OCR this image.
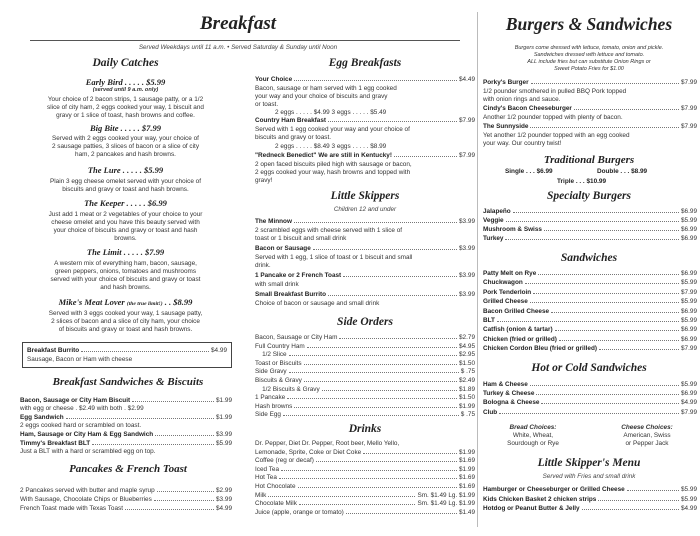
Breakfast
Served Weekdays until 11 a.m. • Served Saturday & Sunday until Noon
Daily Catches
Early Bird . . . . . $5.99
(served until 9 a.m. only)
Your choice of 2 bacon strips, 1 sausage patty, or a 1/2
slice of city ham, 2 eggs cooked your way, 1 biscuit and
gravy or 1 slice of toast, hash browns and coffee.
Big Bite . . . . . $7.99
Served with 2 eggs cooked your way, your choice of
2 sausage patties, 3 slices of bacon or a slice of city
ham, 2 pancakes and hash browns.
The Lure . . . . . $5.99
Plain 3 egg cheese omelet served with your choice of
biscuits and gravy or toast and hash browns.
The Keeper . . . . . $6.99
Just add 1 meat or 2 vegetables of your choice to your
cheese omelet and you have this beauty served with
your choice of biscuits and gravy or toast and hash
browns.
The Limit . . . . . $7.99
A western mix of everything ham, bacon, sausage,
green peppers, onions, tomatoes and mushrooms
served with your choice of biscuits and gravy or toast
and hash browns.
Mike's Meat Lover (the true limit!) . . $8.99
Served with 3 eggs cooked your way, 1 sausage patty,
2 slices of bacon and a slice of city ham, your choice
of biscuits and gravy or toast and hash browns.
Breakfast Burrito	$4.99
Sausage, Bacon or Ham with cheese
Breakfast Sandwiches & Biscuits
Bacon, Sausage or City Ham Biscuit	$1.99
with egg or cheese . $2.49 with both . $2.99
Egg Sandwich	$1.99
2 eggs cooked hard or scrambled on toast.
Ham, Sausage or City Ham & Egg Sandwich	$3.99
Timmy's Breakfast BLT	$5.99
Just a BLT with a hard or scrambled egg on top.
Pancakes & French Toast
2 Pancakes served with butter and maple syrup	$2.99
With Sausage, Chocolate Chips or Blueberries	$3.99
French Toast made with Texas Toast	$4.99
Egg Breakfasts
Your Choice	$4.49
Bacon, sausage or ham served with 1 egg cooked
your way and your choice of biscuits and gravy
or toast.
2 eggs . . . . . $4.99 3 eggs . . . . . $5.49
Country Ham Breakfast	$7.99
Served with 1 egg cooked your way and your choice of
biscuits and gravy or toast.
2 eggs . . . . . $8.49 3 eggs . . . . . $8.99
"Redneck Benedict" We are still in Kentucky!	$7.99
2 open faced biscuits piled high with sausage or bacon,
2 eggs cooked your way, hash browns and topped with
gravy!
Little Skippers
Children 12 and under
The Minnow	$3.99
2 scrambled eggs with cheese served with 1 slice of
toast or 1 biscuit and small drink
Bacon or Sausage	$3.99
Served with 1 egg, 1 slice of toast or 1 biscuit and small
drink.
1 Pancake or 2 French Toast	$3.99
with small drink
Small Breakfast Burrito	$3.99
Choice of bacon or sausage and small drink
Side Orders
Bacon, Sausage or City Ham	$2.79
Full Country Ham	$4.95
1/2 Slice	$2.95
Toast or Biscuits	$1.50
Side Gravy	$ .75
Biscuits & Gravy	$2.49
1/2 Biscuits & Gravy	$1.89
1 Pancake	$1.50
Hash browns	$1.99
Side Egg	$ .75
Drinks
Dr. Pepper, Diet Dr. Pepper, Root beer, Mello Yello,
Lemonade, Sprite, Coke or Diet Coke	$1.99
Coffee (reg or decaf)	$1.69
Iced Tea	$1.99
Hot Tea	$1.69
Hot Chocolate	$1.69
Milk	Sm. $1.49 Lg. $1.99
Chocolate Milk	Sm. $1.49 Lg. $1.99
Juice (apple, orange or tomato)	$1.49
Burgers & Sandwiches
Burgers come dressed with lettuce, tomato, onion and pickle.
Sandwiches dressed with lettuce and tomato.
ALL include fries but can substitute Onion Rings or
Sweet Potato Fries for $1.00
Porky's Burger	$7.99
1/2 pounder smothered in pulled BBQ Pork topped
with onion rings and sauce.
Cindy's Bacon Cheeseburger	$7.99
Another 1/2 pounder topped with plenty of bacon.
The Sunnyside	$7.99
Yet another 1/2 pounder topped with an egg cooked
your way. Our country twist!
Traditional Burgers
Single . . . $6.99	Double . . . $8.99
Triple . . . $10.99
Specialty Burgers
Jalapeño	$6.99
Veggie	$5.99
Mushroom & Swiss	$6.99
Turkey	$6.99
Sandwiches
Patty Melt on Rye	$6.99
Chuckwagon	$5.99
Pork Tenderloin	$7.99
Grilled Cheese	$5.99
Bacon Grilled Cheese	$6.99
BLT	$5.99
Catfish (onion & tartar)	$6.99
Chicken (fried or grilled)	$6.99
Chicken Cordon Bleu (fried or grilled)	$7.99
Hot or Cold Sandwiches
Ham & Cheese	$5.99
Turkey & Cheese	$6.99
Bologna & Cheese	$4.99
Club	$7.99
Bread Choices:
White, Wheat,
Sourdough or Rye
Cheese Choices:
American, Swiss
or Pepper Jack
Little Skipper's Menu
Served with Fries and small drink
Hamburger or Cheeseburger or Grilled Cheese	$5.99
Kids Chicken Basket 2 chicken strips	$5.99
Hotdog or Peanut Butter & Jelly	$4.99
